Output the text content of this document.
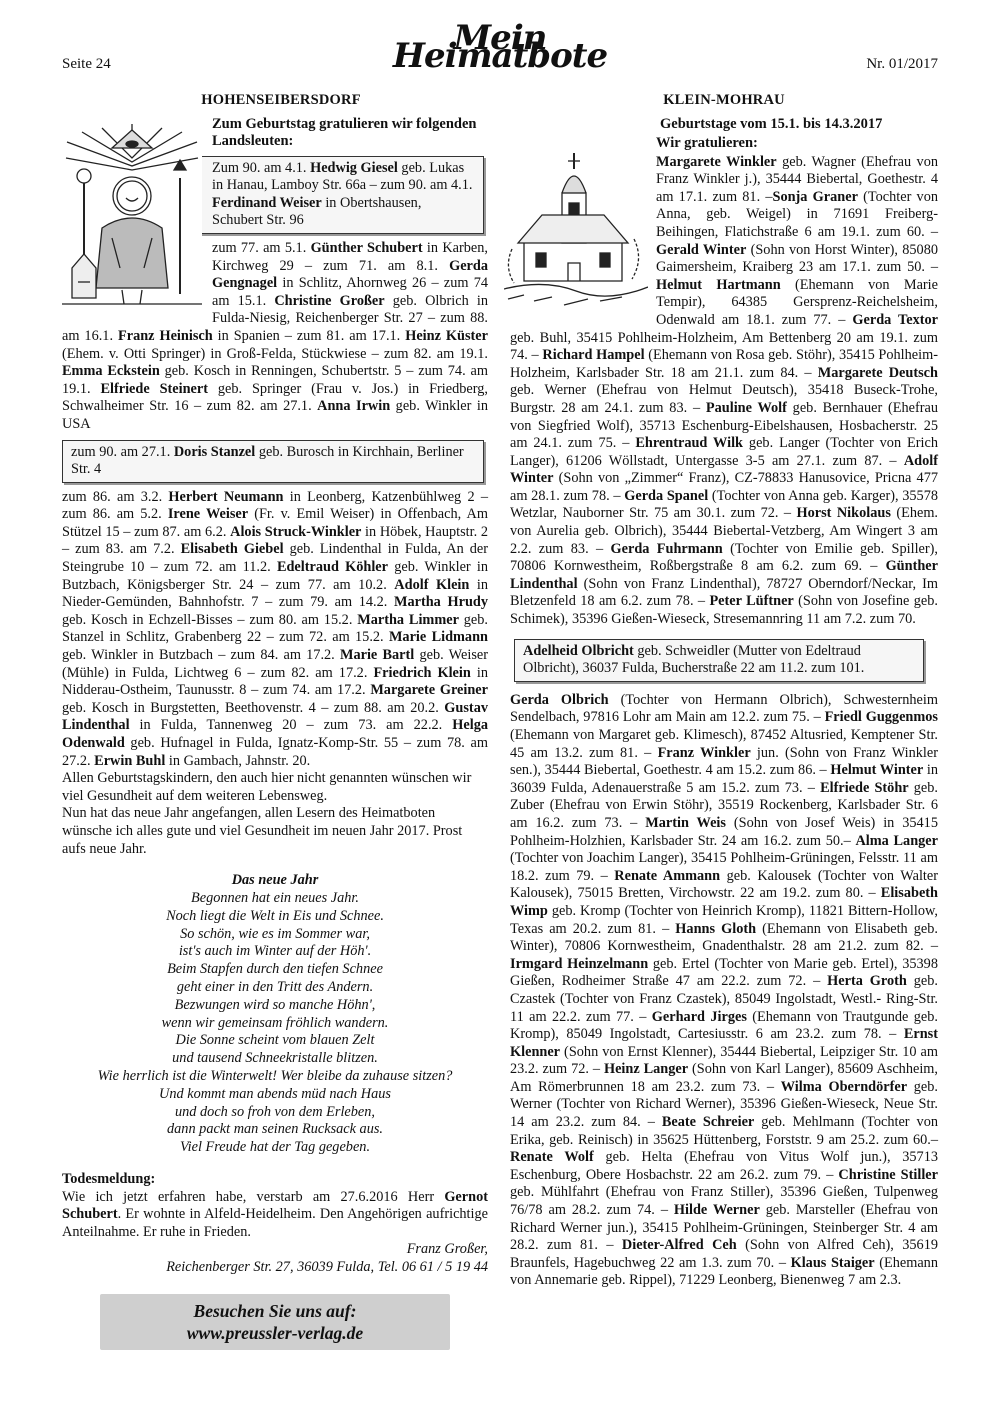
Seite 24
Mein Heimatbote	Nr. 01/2017
HOHENSEIBERSDORF
Zum Geburtstag gratulieren wir folgenden Landsleuten:
Zum 90. am 4.1. Hedwig Giesel geb. Lukas in Hanau, Lamboy Str. 66a – zum 90. am 4.1. Ferdinand Weiser in Obertshausen, Schubert Str. 96

zum 77. am 5.1. Günther Schubert in Karben, Kirchweg 29 – zum 71. am 8.1. Gerda Gengnagel in Schlitz, Ahornweg 26 – zum 74 am 15.1. Christine Großer geb. Olbrich in Fulda-Niesig, Reichenberger Str. 27 – zum 88. am 16.1. Franz Heinisch in Spanien – zum 81. am 17.1. Heinz Küster (Ehem. v. Otti Springer) in Groß-Felda, Stückwiese – zum 82. am 19.1. Emma Eckstein geb. Kosch in Renningen, Schubertstr. 5 – zum 74. am 19.1. Elfriede Steinert geb. Springer (Frau v. Jos.) in Friedberg, Schwalheimer Str. 16 – zum 82. am 27.1. Anna Irwin geb. Winkler in USA

zum 90. am 27.1. Doris Stanzel geb. Burosch in Kirchhain, Berliner Str. 4

zum 86. am 3.2. Herbert Neumann in Leonberg, Katzenbühlweg 2 – zum 86. am 5.2. Irene Weiser (Fr. v. Emil Weiser) in Offenbach, Am Stützel 15 – zum 87. am 6.2. Alois Struck-Winkler in Höbek, Hauptstr. 2 – zum 83. am 7.2. Elisabeth Giebel geb. Lindenthal in Fulda, An der Steingrube 10 – zum 72. am 11.2. Edeltraud Köhler geb. Winkler in Butzbach, Königsberger Str. 24 – zum 77. am 10.2. Adolf Klein in Nieder-Gemünden, Bahnhofstr. 7 – zum 79. am 14.2. Martha Hrudy geb. Kosch in Echzell-Bisses – zum 80. am 15.2. Martha Limmer geb. Stanzel in Schlitz, Grabenberg 22 – zum 72. am 15.2. Marie Lidmann geb. Winkler in Butzbach – zum 84. am 17.2. Marie Bartl geb. Weiser (Mühle) in Fulda, Lichtweg 6 – zum 82. am 17.2. Friedrich Klein in Nidderau-Ostheim, Taunusstr. 8 – zum 74. am 17.2. Margarete Greiner geb. Kosch in Burgstetten, Beethovenstr. 4 – zum 88. am 20.2. Gustav Lindenthal in Fulda, Tannenweg 20 – zum 73. am 22.2. Helga Odenwald geb. Hufnagel in Fulda, Ignatz-Komp-Str. 55 – zum 78. am 27.2. Erwin Buhl in Gambach, Jahnstr. 20.

Allen Geburtstagskindern, den auch hier nicht genannten wünschen wir viel Gesundheit auf dem weiteren Lebensweg.

Nun hat das neue Jahr angefangen, allen Lesern des Heimatboten wünsche ich alles gute und viel Gesundheit im neuen Jahr 2017. Prost aufs neue Jahr.

Das neue Jahr
Begonnen hat ein neues Jahr.
Noch liegt die Welt in Eis und Schnee.
So schön, wie es im Sommer war,
ist's auch im Winter auf der Höh'.
Beim Stapfen durch den tiefen Schnee
geht einer in den Tritt des Andern.
Bezwungen wird so manche Höhn',
wenn wir gemeinsam fröhlich wandern.
Die Sonne scheint vom blauen Zelt
und tausend Schneekristalle blitzen.
Wie herrlich ist die Winterwelt! Wer bleibe da zuhause sitzen?
Und kommt man abends müd nach Haus
und doch so froh von dem Erleben,
dann packt man seinen Rucksack aus.
Viel Freude hat der Tag gegeben.
Todesmeldung:

Wie ich jetzt erfahren habe, verstarb am 27.6.2016 Herr Gernot Schubert. Er wohnte in Alfeld-Heidelheim. Den Angehörigen aufrichtige Anteilnahme. Er ruhe in Frieden.

Franz Großer,
Reichenberger Str. 27, 36039 Fulda, Tel. 06 61 / 5 19 44
Besuchen Sie uns auf:
www.preussler-verlag.de
KLEIN-MOHRAU
Geburtstage vom 15.1. bis 14.3.2017
Wir gratulieren:

Margarete Winkler geb. Wagner (Ehefrau von Franz Winkler j.), 35444 Biebertal, Goethestr. 4 am 17.1. zum 81. –Sonja Graner (Tochter von Anna, geb. Weigel) in 71691 Freiberg-Beihingen, Flatichstraße 6 am 19.1. zum 60. – Gerald Winter (Sohn von Horst Winter), 85080 Gaimersheim, Kraiberg 23 am 17.1. zum 50. – Helmut Hartmann (Ehemann von Marie Tempir), 64385 Gersprenz-Reichelsheim, Odenwald am 18.1. zum 77. – Gerda Textor geb. Buhl, 35415 Pohlheim-Holzheim, Am Bettenberg 20 am 19.1. zum 74. – Richard Hampel (Ehemann von Rosa geb. Stöhr), 35415 Pohlheim-Holzheim, Karlsbader Str. 18 am 21.1. zum 84. – Margarete Deutsch geb. Werner (Ehefrau von Helmut Deutsch), 35418 Buseck-Trohe, Burgstr. 28 am 24.1. zum 83. – Pauline Wolf geb. Bernhauer (Ehefrau von Siegfried Wolf), 35713 Eschenburg-Eibelshausen, Hosbacherstr. 25 am 24.1. zum 75. – Ehrentraud Wilk geb. Langer (Tochter von Erich Langer), 61206 Wöllstadt, Untergasse 3-5 am 27.1. zum 87. – Adolf Winter (Sohn von „Zimmer“ Franz), CZ-78833 Hanusovice, Pricna 477 am 28.1. zum 78. – Gerda Spanel (Tochter von Anna geb. Karger), 35578 Wetzlar, Nauborner Str. 75 am 30.1. zum 72. – Horst Nikolaus (Ehem. von Aurelia geb. Olbrich), 35444 Biebertal-Vetzberg, Am Wingert 3 am 2.2. zum 83. – Gerda Fuhrmann (Tochter von Emilie geb. Spiller), 70806 Kornwestheim, Roßbergstraße 8 am 6.2. zum 69. – Günther Lindenthal (Sohn von Franz Lindenthal), 78727 Oberndorf/Neckar, Im Bletzenfeld 18 am 6.2. zum 78. – Peter Lüftner (Sohn von Josefine geb. Schimek), 35396 Gießen-Wieseck, Stresemannring 11 am 7.2. zum 70.

Adelheid Olbricht geb. Schweidler (Mutter von Edeltraud Olbricht), 36037 Fulda, Bucherstraße 22 am 11.2. zum 101.

Gerda Olbrich (Tochter von Hermann Olbrich), Schwesternheim Sendelbach, 97816 Lohr am Main am 12.2. zum 75. – Friedl Guggenmos (Ehemann von Margaret geb. Klimesch), 87452 Altusried, Kemptener Str. 45 am 13.2. zum 81. – Franz Winkler jun. (Sohn von Franz Winkler sen.), 35444 Biebertal, Goethestr. 4 am 15.2. zum 86. – Helmut Winter in 36039 Fulda, Adenauerstraße 5 am 15.2. zum 73. – Elfriede Stöhr geb. Zuber (Ehefrau von Erwin Stöhr), 35519 Rockenberg, Karlsbader Str. 6 am 16.2. zum 73. – Martin Weis (Sohn von Josef Weis) in 35415 Pohlheim-Holzhien, Karlsbader Str. 24 am 16.2. zum 50.– Alma Langer (Tochter von Joachim Langer), 35415 Pohlheim-Grüningen, Felsstr. 11 am 18.2. zum 79. – Renate Ammann geb. Kalousek (Tochter von Walter Kalousek), 75015 Bretten, Virchowstr. 22 am 19.2. zum 80. – Elisabeth Wimp geb. Kromp (Tochter von Heinrich Kromp), 11821 Bittern-Hollow, Texas am 20.2. zum 81. – Hanns Gloth (Ehemann von Elisabeth geb. Winter), 70806 Kornwestheim, Gnadenthalstr. 28 am 21.2. zum 82. – Irmgard Heinzelmann geb. Ertel (Tochter von Marie geb. Ertel), 35398 Gießen, Rodheimer Straße 47 am 22.2. zum 72. – Herta Groth geb. Czastek (Tochter von Franz Czastek), 85049 Ingolstadt, Westl.- Ring-Str. 11 am 22.2. zum 77. – Gerhard Jirges (Ehemann von Trautgunde geb. Kromp), 85049 Ingolstadt, Cartesiusstr. 6 am 23.2. zum 78. – Ernst Klenner (Sohn von Ernst Klenner), 35444 Biebertal, Leipziger Str. 10 am 23.2. zum 72. – Heinz Langer (Sohn von Karl Langer), 85609 Aschheim, Am Römerbrunnen 18 am 23.2. zum 73. – Wilma Oberndörfer geb. Werner (Tochter von Richard Werner), 35396 Gießen-Wieseck, Neue Str. 14 am 23.2. zum 84. – Beate Schreier geb. Mehlmann (Tochter von Erika, geb. Reinisch) in 35625 Hüttenberg, Forststr. 9 am 25.2. zum 60.– Renate Wolf geb. Helta (Ehefrau von Vitus Wolf jun.), 35713 Eschenburg, Obere Hosbachstr. 22 am 26.2. zum 79. – Christine Stiller geb. Mühlfahrt (Ehefrau von Franz Stiller), 35396 Gießen, Tulpenweg 76/78 am 28.2. zum 74. – Hilde Werner geb. Marsteller (Ehefrau von Richard Werner jun.), 35415 Pohlheim-Grüningen, Steinberger Str. 4 am 28.2. zum 81. – Dieter-Alfred Ceh (Sohn von Alfred Ceh), 35619 Braunfels, Hagebuchweg 22 am 1.3. zum 70. – Klaus Staiger (Ehemann von Annemarie geb. Rippel), 71229 Leonberg, Bienenweg 7 am 2.3.
